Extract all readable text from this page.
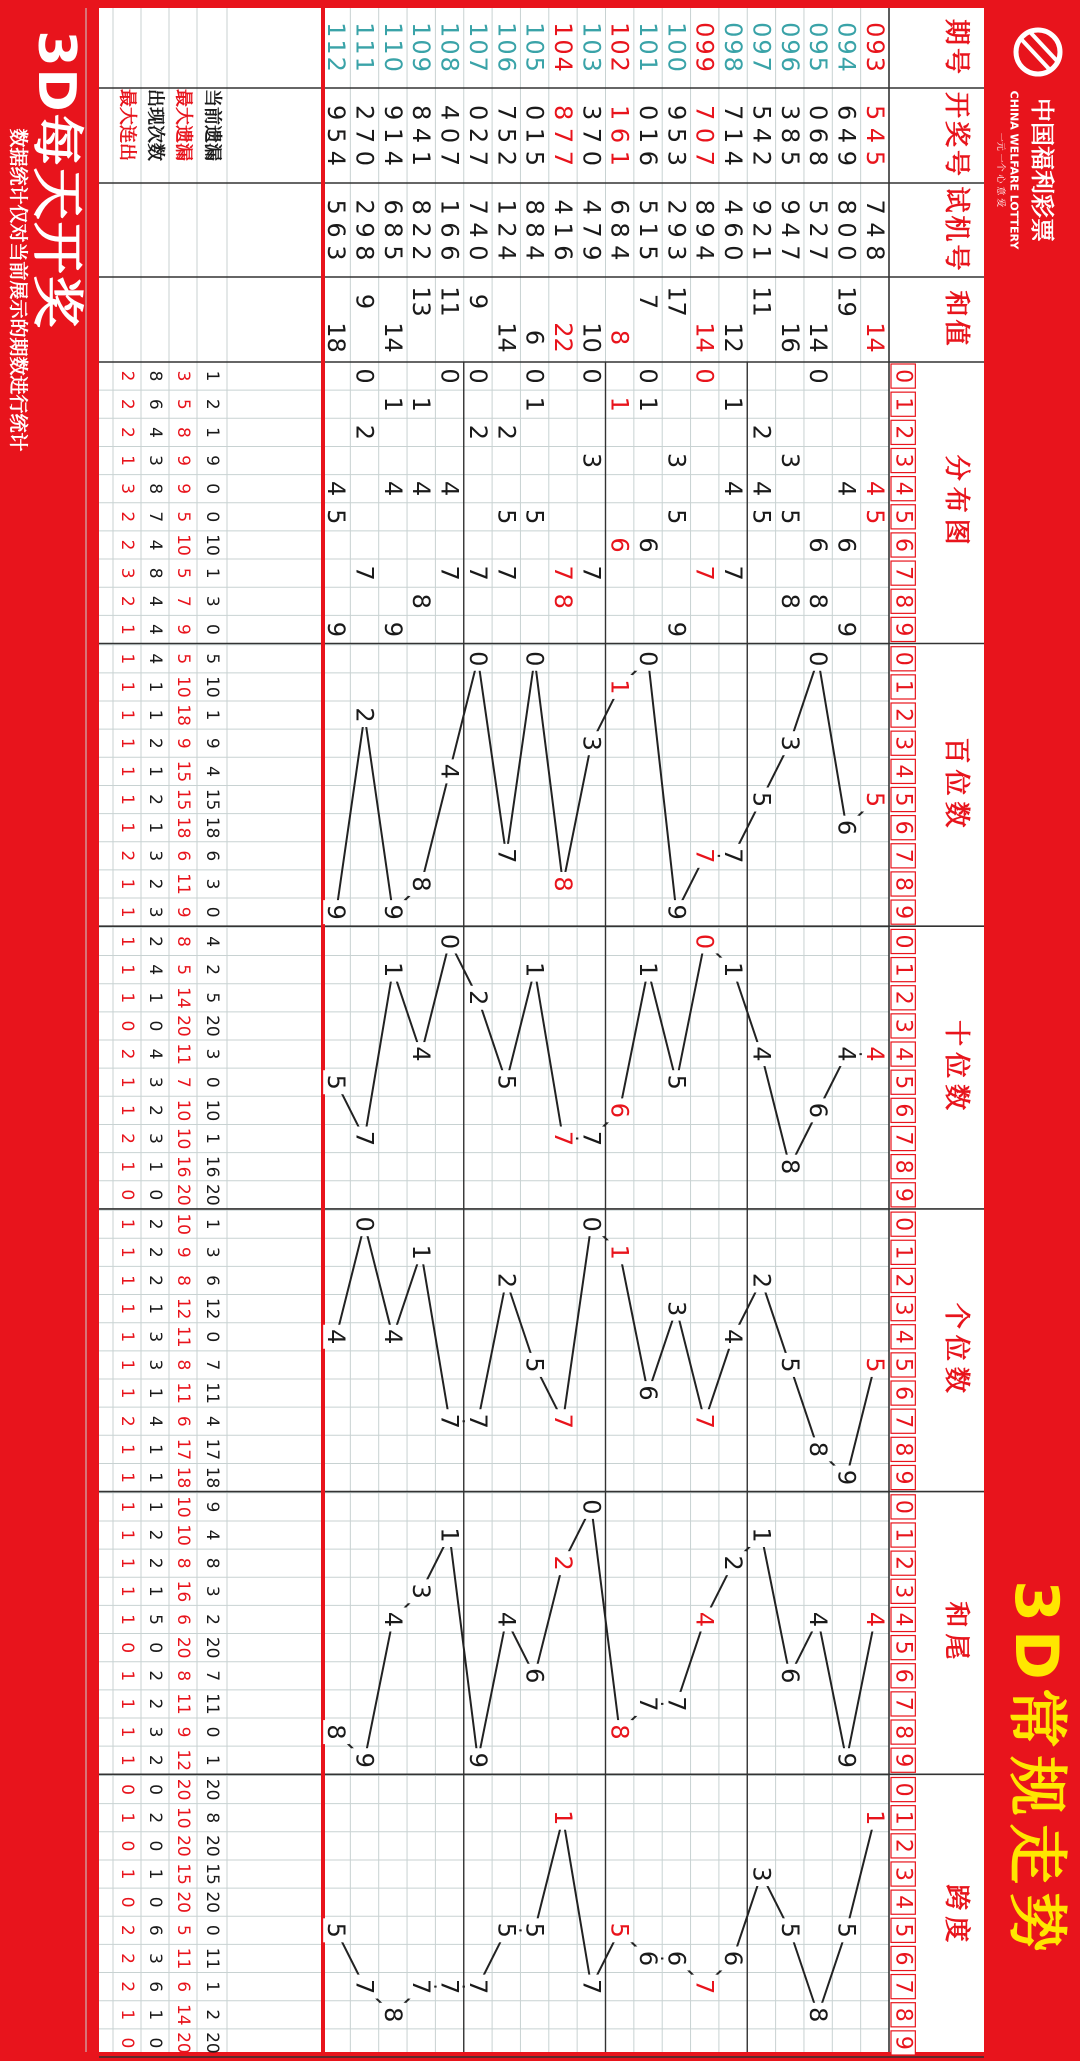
期号
开奖号
试机号
和值
分布图
0
1
2
3
4
5
6
7
8
9
百位数
0
1
2
3
4
5
6
7
8
9
十位数
0
1
2
3
4
5
6
7
8
9
个位数
0
1
2
3
4
5
6
7
8
9
和尾
0
1
2
3
4
5
6
7
8
9
跨度
0
1
2
3
4
5
6
7
8
9
093
5 4 5
7 4 8
14
5
4
094
6 4 9
8 0 0
19
6
4
9
095
0 6 8
5 2 7
14
0
6
8
096
3 8 5
9 4 7
16
3
8
5
097
5 4 2
9 2 1
11
5
4
2
098
7 1 4
4 6 0
12
7
1
4
099
7 0 7
8 9 4
14
7
0
100
9 5 3
2 9 3
17
9
5
3
101
0 1 6
5 1 5
7
0
1
6
102
1 6 1
6 8 4
8
1
6
103
3 7 0
4 7 9
10
3
7
0
104
8 7 7
4 1 6
22
8
7
105
0 1 5
8 8 4
6
0
1
5
106
7 5 2
1 2 4
14
7
5
2
107
0 2 7
7 4 0
9
0
2
7
108
4 0 7
1 6 6
11
4
0
7
109
8 4 1
8 2 2
13
8
4
1
110
9 1 4
6 8 5
14
9
1
4
111
2 7 0
2 9 8
9
2
7
0
112
9 5 4
5 6 3
18
9
5
4
5
6
0
3
5
7
7
9
0
1
3
8
0
7
0
4
8
9
2
9
4
4
6
8
4
1
0
5
1
6
7
7
1
5
2
0
4
1
7
5
5
9
8
5
2
4
7
3
6
1
0
7
5
2
7
7
1
4
0
4
4
9
4
6
1
2
4
7
7
8
0
2
6
4
9
1
3
4
9
8
1
5
8
5
3
6
7
6
6
5
7
1
5
5
7
7
7
8
7
5
当前遗漏
1
2
1
9
0
0
10
1
3
0
5
10
1
9
4
15
18
6
3
0
4
2
5
20
3
0
10
1
16
20
1
3
6
12
0
7
11
4
17
18
9
4
8
3
2
20
7
11
0
1
20
8
20
15
20
0
11
1
2
20
最大遗漏
3
5
8
9
9
5
10
5
7
9
5
10
18
9
15
15
18
6
11
9
8
5
14
20
11
7
10
10
16
20
10
9
8
12
11
8
11
6
17
18
10
10
8
16
6
20
8
11
9
12
20
10
20
15
20
5
11
6
14
20
出现次数
8
6
4
3
8
7
4
8
4
4
4
1
1
2
1
2
1
3
2
3
2
4
1
0
4
3
2
3
1
0
2
2
2
1
3
3
1
4
1
1
1
2
2
1
5
0
2
2
3
2
0
2
0
1
0
6
3
6
1
0
最大连出
2
2
2
1
3
2
2
3
2
1
1
1
1
1
1
1
1
2
1
1
1
1
1
0
2
1
1
2
1
0
1
1
1
1
1
1
1
2
1
1
1
1
1
1
1
0
1
1
1
1
0
1
0
1
0
2
2
2
1
0
中国福利彩票
CHINA WELFARE LOTTERY
一元 一个 心 意 爱
3D常规走势
3D每天开奖
数据统计仅对当前展示的期数进行统计
